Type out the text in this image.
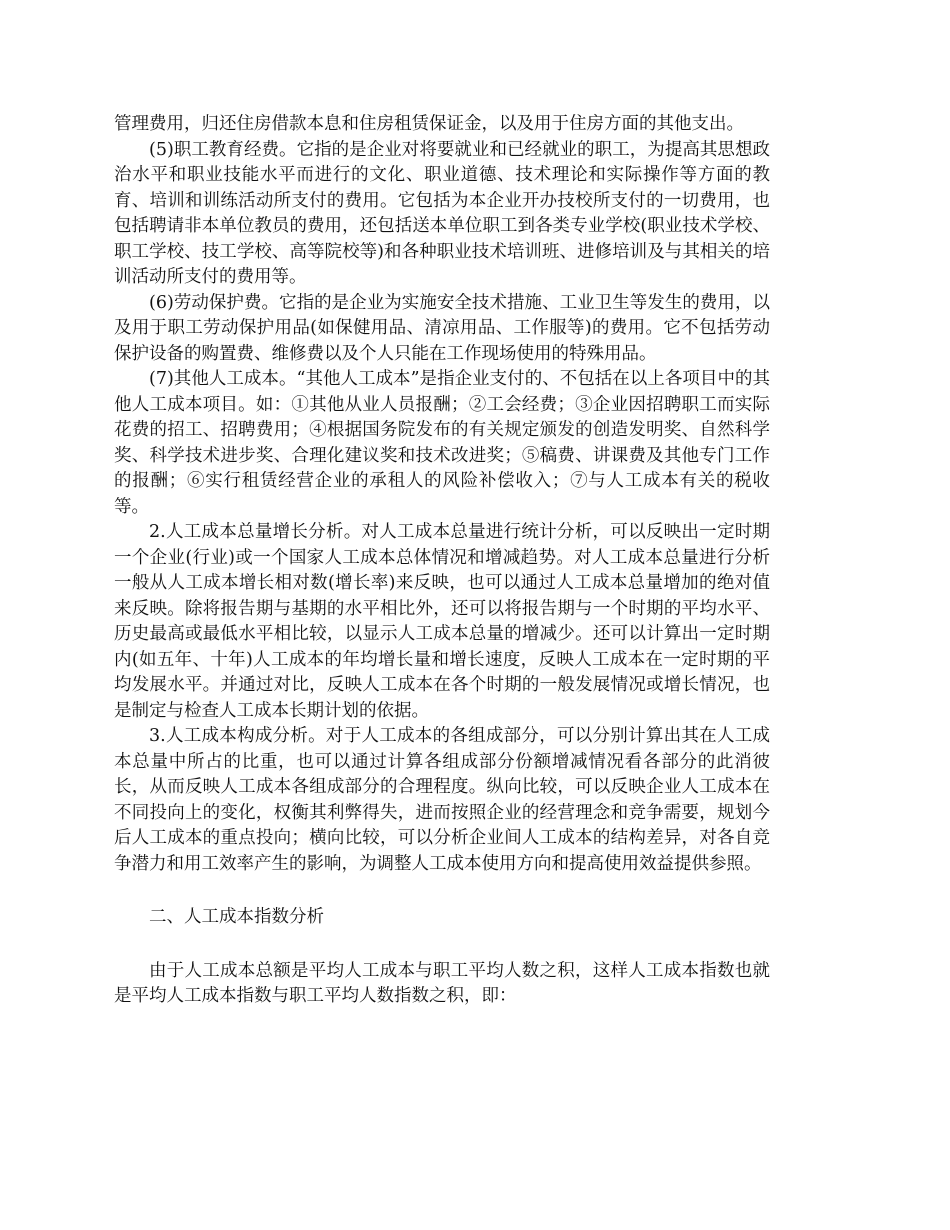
管理费用，归还住房借款本息和住房租赁保证金，以及用于住房方面的其他支出。

(5)职工教育经费。它指的是企业对将要就业和已经就业的职工，为提高其思想政治水平和职业技能水平而进行的文化、职业道德、技术理论和实际操作等方面的教育、培训和训练活动所支付的费用。它包括为本企业开办技校所支付的一切费用，也包括聘请非本单位教员的费用，还包括送本单位职工到各类专业学校(职业技术学校、职工学校、技工学校、高等院校等)和各种职业技术培训班、进修培训及与其相关的培训活动所支付的费用等。

(6)劳动保护费。它指的是企业为实施安全技术措施、工业卫生等发生的费用，以及用于职工劳动保护用品(如保健用品、清凉用品、工作服等)的费用。它不包括劳动保护设备的购置费、维修费以及个人只能在工作现场使用的特殊用品。

(7)其他人工成本。“其他人工成本”是指企业支付的、不包括在以上各项目中的其他人工成本项目。如：①其他从业人员报酬；②工会经费；③企业因招聘职工而实际花费的招工、招聘费用；④根据国务院发布的有关规定颁发的创造发明奖、自然科学奖、科学技术进步奖、合理化建议奖和技术改进奖；⑤稿费、讲课费及其他专门工作的报酬；⑥实行租赁经营企业的承租人的风险补偿收入；⑦与人工成本有关的税收等。

2.人工成本总量增长分析。对人工成本总量进行统计分析，可以反映出一定时期一个企业(行业)或一个国家人工成本总体情况和增减趋势。对人工成本总量进行分析一般从人工成本增长相对数(增长率)来反映，也可以通过人工成本总量增加的绝对值来反映。除将报告期与基期的水平相比外，还可以将报告期与一个时期的平均水平、历史最高或最低水平相比较，以显示人工成本总量的增减少。还可以计算出一定时期内(如五年、十年)人工成本的年均增长量和增长速度，反映人工成本在一定时期的平均发展水平。并通过对比，反映人工成本在各个时期的一般发展情况或增长情况，也是制定与检查人工成本长期计划的依据。

3.人工成本构成分析。对于人工成本的各组成部分，可以分别计算出其在人工成本总量中所占的比重，也可以通过计算各组成部分份额增减情况看各部分的此消彼长，从而反映人工成本各组成部分的合理程度。纵向比较，可以反映企业人工成本在不同投向上的变化，权衡其利弊得失，进而按照企业的经营理念和竞争需要，规划今后人工成本的重点投向；横向比较，可以分析企业间人工成本的结构差异，对各自竞争潜力和用工效率产生的影响，为调整人工成本使用方向和提高使用效益提供参照。

二、人工成本指数分析

由于人工成本总额是平均人工成本与职工平均人数之积，这样人工成本指数也就是平均人工成本指数与职工平均人数指数之积，即：
